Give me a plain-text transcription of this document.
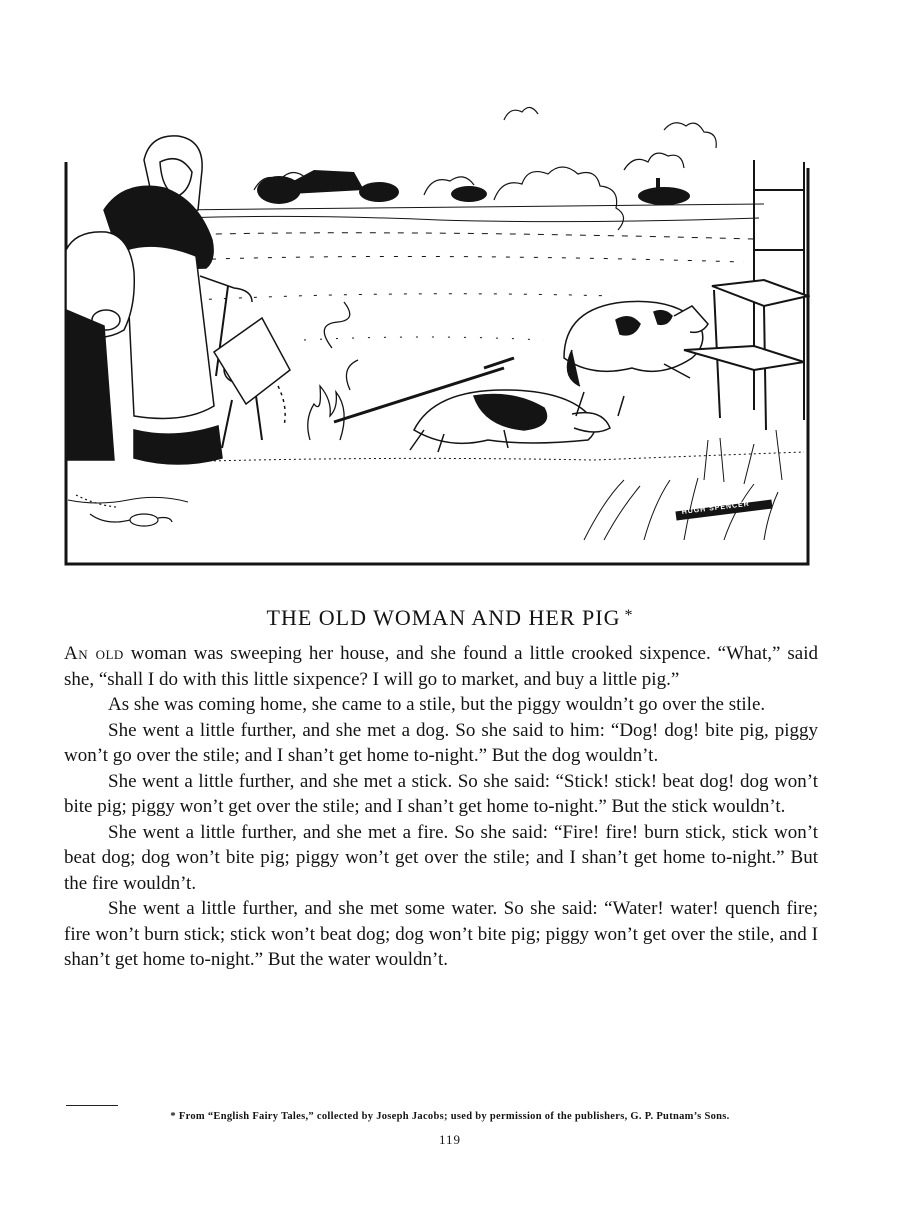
HUGH SPENCER
THE OLD WOMAN AND HER PIG *

An old woman was sweeping her house, and she found a little crooked sixpence. “What,” said she, “shall I do with this little sixpence? I will go to market, and buy a little pig.”

As she was coming home, she came to a stile, but the piggy wouldn’t go over the stile.

She went a little further, and she met a dog. So she said to him: “Dog! dog! bite pig, piggy won’t go over the stile; and I shan’t get home to-night.” But the dog wouldn’t.

She went a little further, and she met a stick. So she said: “Stick! stick! beat dog! dog won’t bite pig; piggy won’t get over the stile; and I shan’t get home to-night.” But the stick wouldn’t.

She went a little further, and she met a fire. So she said: “Fire! fire! burn stick, stick won’t beat dog; dog won’t bite pig; piggy won’t get over the stile; and I shan’t get home to-night.” But the fire wouldn’t.

She went a little further, and she met some water. So she said: “Water! water! quench fire; fire won’t burn stick; stick won’t beat dog; dog won’t bite pig; piggy won’t get over the stile, and I shan’t get home to-night.” But the water wouldn’t.

* From “English Fairy Tales,” collected by Joseph Jacobs; used by permission of the publishers, G. P. Putnam’s Sons.
119
